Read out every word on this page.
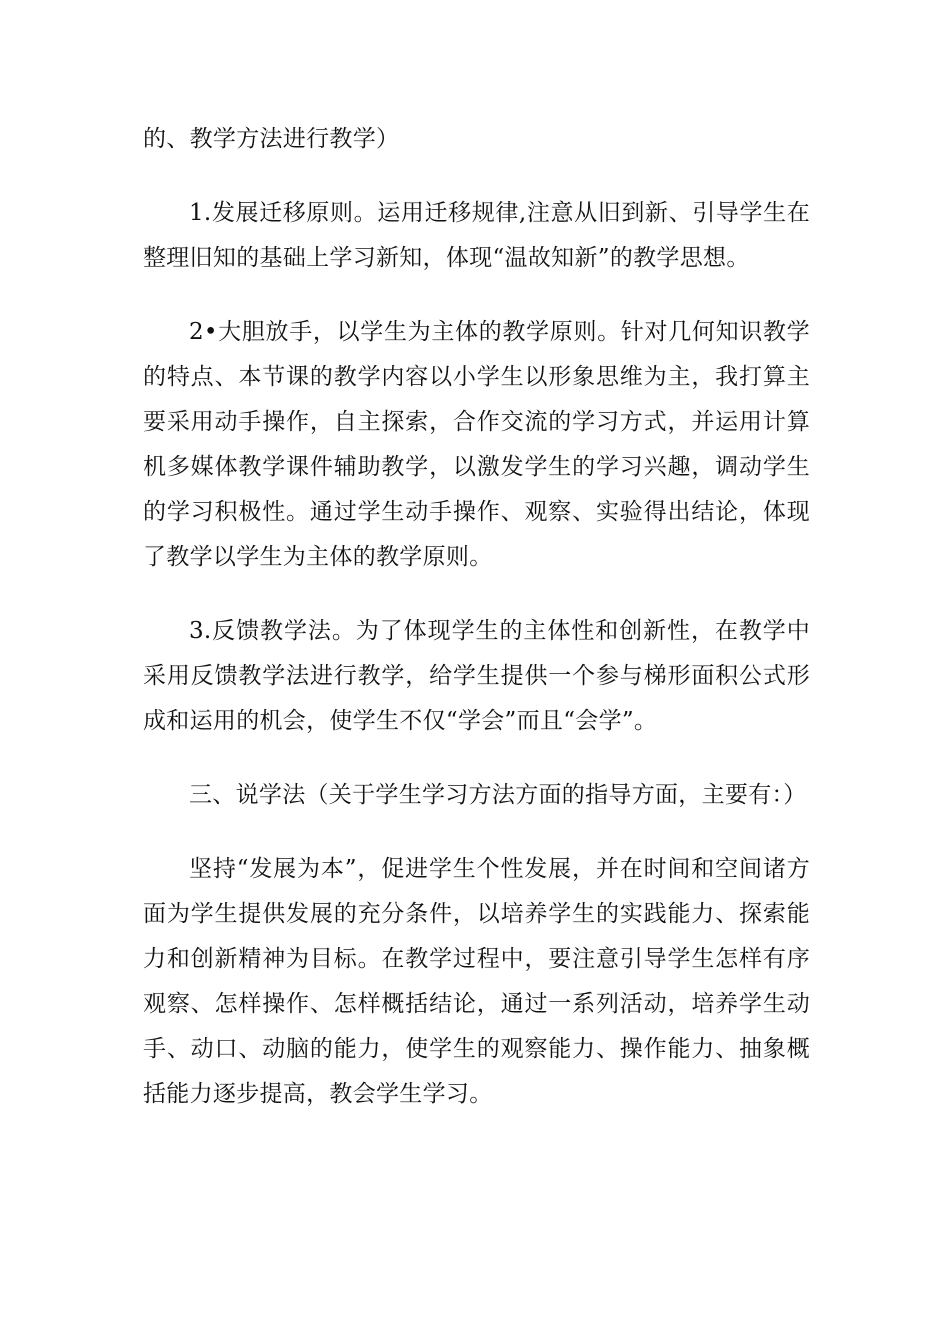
的、教学方法进行教学）

1.发展迁移原则。运用迁移规律,注意从旧到新、引导学生在整理旧知的基础上学习新知，体现“温故知新”的教学思想。

2•大胆放手，以学生为主体的教学原则。针对几何知识教学的特点、本节课的教学内容以小学生以形象思维为主，我打算主要采用动手操作，自主探索，合作交流的学习方式，并运用计算机多媒体教学课件辅助教学，以激发学生的学习兴趣，调动学生的学习积极性。通过学生动手操作、观察、实验得出结论，体现了教学以学生为主体的教学原则。

3.反馈教学法。为了体现学生的主体性和创新性，在教学中采用反馈教学法进行教学，给学生提供一个参与梯形面积公式形成和运用的机会，使学生不仅“学会”而且“会学”。

三、说学法（关于学生学习方法方面的指导方面，主要有：）

坚持“发展为本”，促进学生个性发展，并在时间和空间诸方面为学生提供发展的充分条件，以培养学生的实践能力、探索能力和创新精神为目标。在教学过程中，要注意引导学生怎样有序观察、怎样操作、怎样概括结论，通过一系列活动，培养学生动手、动口、动脑的能力，使学生的观察能力、操作能力、抽象概括能力逐步提高，教会学生学习。
